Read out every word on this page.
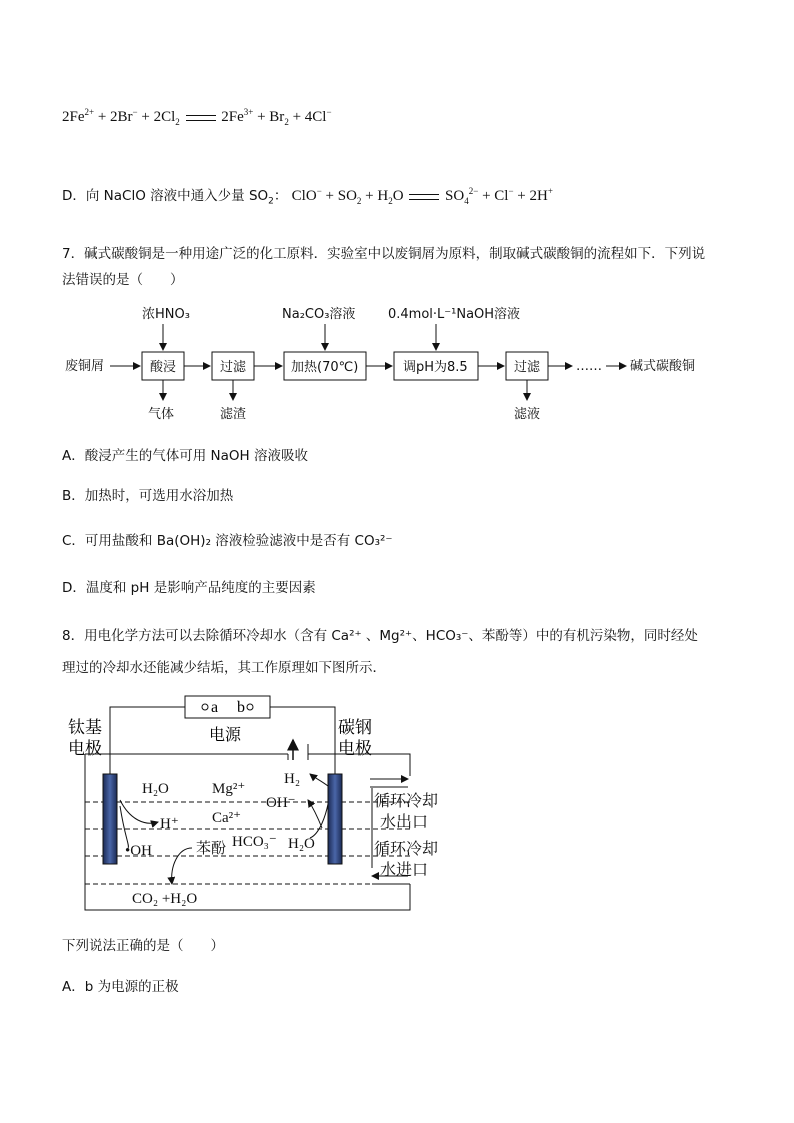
$2Fe^{2+} + 2Br^- + 2Cl_2$	$2Fe^{3+} + Br_2 + 4Cl^-$
D．向 NaClO 溶液中通入少量 $SO_2$： $ClO^- + SO_2 + H_2O$  $SO_4^{2-} + Cl^- + 2H^+$
7．碱式碳酸铜是一种用途广泛的化工原料．实验室中以废铜屑为原料，制取碱式碳酸铜的流程如下．下列说
法错误的是（　　）
废铜屑	酸浸	过滤	加热(70℃)	调pH为8.5	过滤	…… 碱式碳酸铜
浓HNO₃	Na₂CO₃溶液	0.4mol·L⁻¹NaOH溶液
气体	滤渣	滤液
A．酸浸产生的气体可用 NaOH 溶液吸收
B．加热时，可选用水浴加热
C．可用盐酸和 Ba(OH)₂ 溶液检验滤液中是否有 CO₃²⁻
D．温度和 pH 是影响产品纯度的主要因素
8．用电化学方法可以去除循环冷却水（含有 Ca²⁺ 、Mg²⁺、HCO₃⁻、苯酚等）中的有机污染物，同时经处
理过的冷却水还能减少结垢，其工作原理如下图所示．
a b
电源
钛基
电极
碳钢
电极
H₂O	Mg²⁺
H₂
OH⁻
H⁺ Ca²⁺
•OH	苯酚 HCO₃⁻ H₂O
CO₂ +H₂O
循环冷却
水出口
循环冷却
水进口
下列说法正确的是（　　）
A．b 为电源的正极
